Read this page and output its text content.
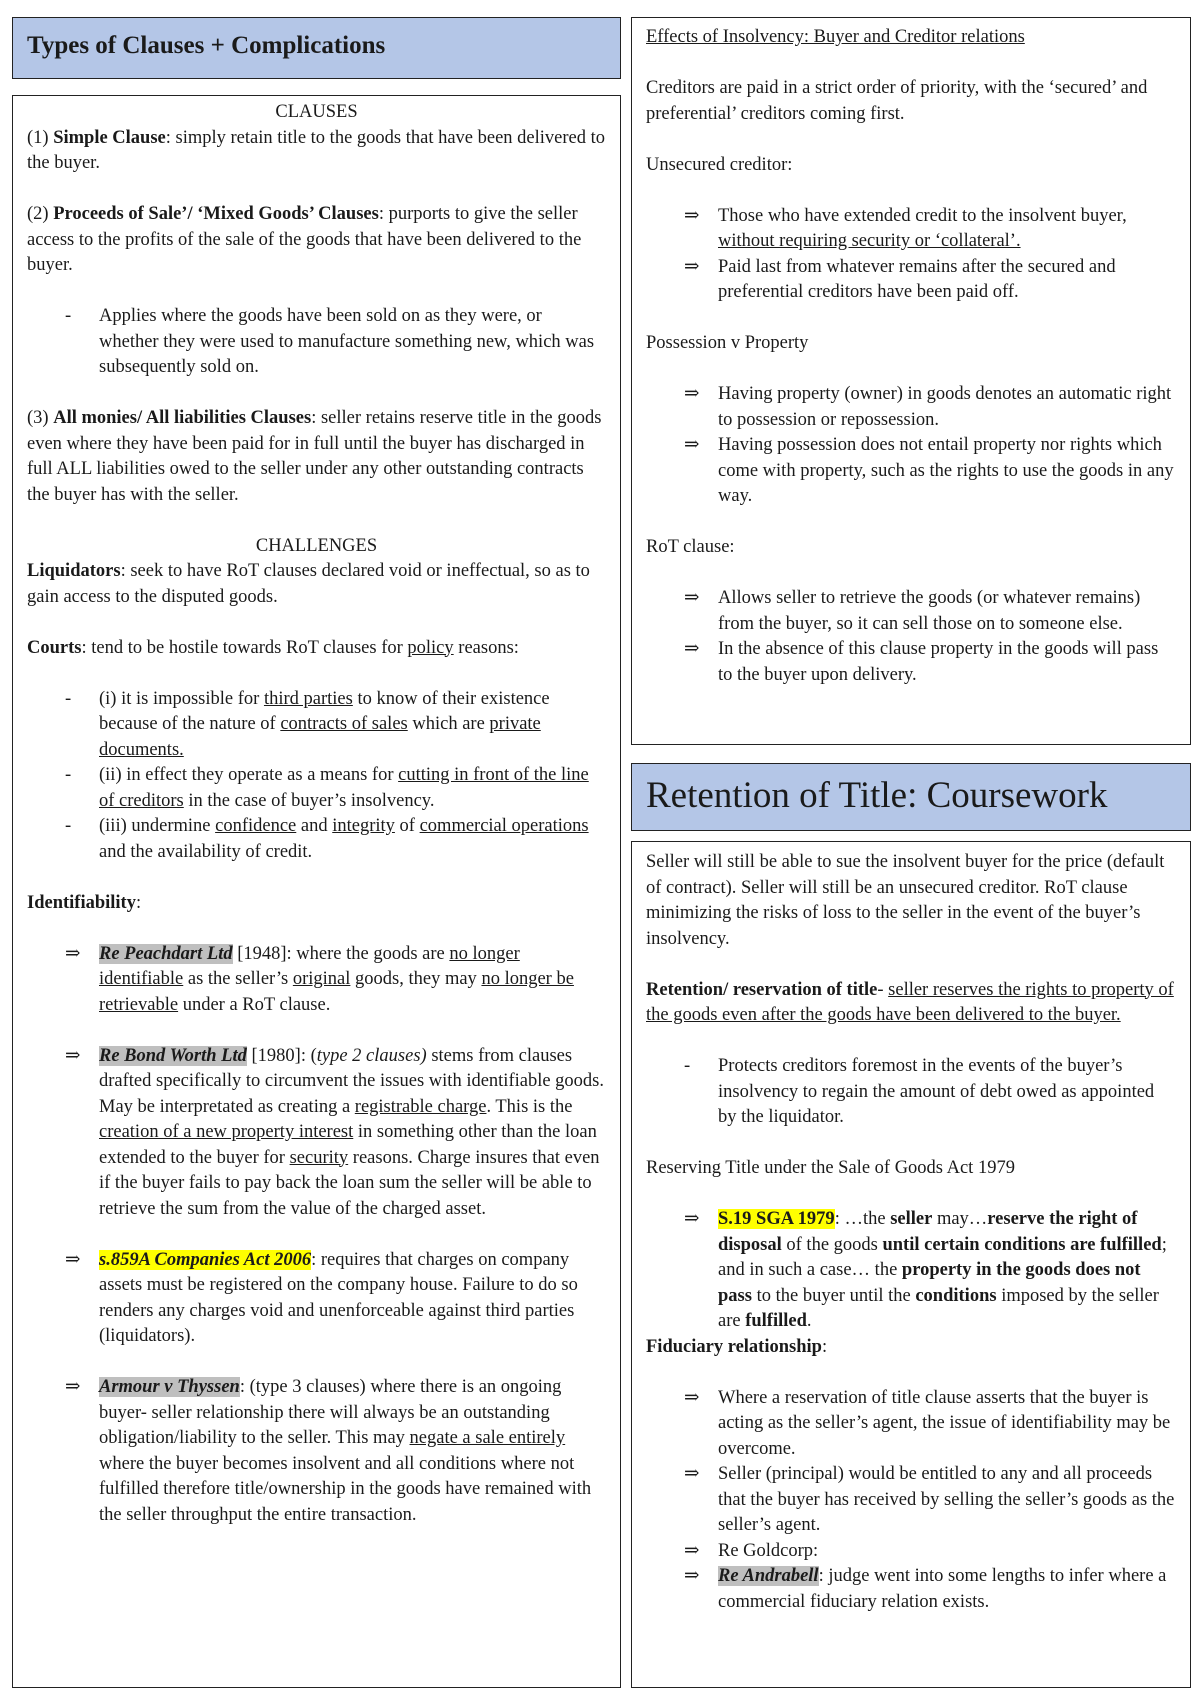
Types of Clauses + Complications

CLAUSES

(1) Simple Clause: simply retain title to the goods that have been delivered to the buyer.

(2) Proceeds of Sale’/ ‘Mixed Goods’ Clauses: purports to give the seller access to the profits of the sale of the goods that have been delivered to the buyer.

- Applies where the goods have been sold on as they were, or whether they were used to manufacture something new, which was subsequently sold on.

(3) All monies/ All liabilities Clauses: seller retains reserve title in the goods even where they have been paid for in full until the buyer has discharged in full ALL liabilities owed to the seller under any other outstanding contracts the buyer has with the seller.

CHALLENGES

Liquidators: seek to have RoT clauses declared void or ineffectual, so as to gain access to the disputed goods.

Courts: tend to be hostile towards RoT clauses for policy reasons:

- (i) it is impossible for third parties to know of their existence because of the nature of contracts of sales which are private documents.
- (ii) in effect they operate as a means for cutting in front of the line of creditors in the case of buyer’s insolvency.
- (iii) undermine confidence and integrity of commercial operations and the availability of credit.

Identifiability:

⇒ Re Peachdart Ltd [1948]: where the goods are no longer identifiable as the seller’s original goods, they may no longer be retrievable under a RoT clause.
⇒ Re Bond Worth Ltd [1980]: (type 2 clauses) stems from clauses drafted specifically to circumvent the issues with identifiable goods. May be interpretated as creating a registrable charge. This is the creation of a new property interest in something other than the loan extended to the buyer for security reasons. Charge insures that even if the buyer fails to pay back the loan sum the seller will be able to retrieve the sum from the value of the charged asset.
⇒ s.859A Companies Act 2006: requires that charges on company assets must be registered on the company house. Failure to do so renders any charges void and unenforceable against third parties (liquidators).
⇒ Armour v Thyssen: (type 3 clauses) where there is an ongoing buyer- seller relationship there will always be an outstanding obligation/liability to the seller. This may negate a sale entirely where the buyer becomes insolvent and all conditions where not fulfilled therefore title/ownership in the goods have remained with the seller throughput the entire transaction.

Effects of Insolvency: Buyer and Creditor relations

Creditors are paid in a strict order of priority, with the ‘secured’ and preferential’ creditors coming first.

Unsecured creditor:

⇒ Those who have extended credit to the insolvent buyer, without requiring security or ‘collateral’.
⇒ Paid last from whatever remains after the secured and preferential creditors have been paid off.

Possession v Property

⇒ Having property (owner) in goods denotes an automatic right to possession or repossession.
⇒ Having possession does not entail property nor rights which come with property, such as the rights to use the goods in any way.

RoT clause:

⇒ Allows seller to retrieve the goods (or whatever remains) from the buyer, so it can sell those on to someone else.
⇒ In the absence of this clause property in the goods will pass to the buyer upon delivery.
Retention of Title: Coursework

Seller will still be able to sue the insolvent buyer for the price (default of contract). Seller will still be an unsecured creditor. RoT clause minimizing the risks of loss to the seller in the event of the buyer’s insolvency.

Retention/ reservation of title- seller reserves the rights to property of the goods even after the goods have been delivered to the buyer.

- Protects creditors foremost in the events of the buyer’s insolvency to regain the amount of debt owed as appointed by the liquidator.

Reserving Title under the Sale of Goods Act 1979

⇒ S.19 SGA 1979: …the seller may…reserve the right of disposal of the goods until certain conditions are fulfilled; and in such a case… the property in the goods does not pass to the buyer until the conditions imposed by the seller are fulfilled.

Fiduciary relationship:

⇒ Where a reservation of title clause asserts that the buyer is acting as the seller’s agent, the issue of identifiability may be overcome.
⇒ Seller (principal) would be entitled to any and all proceeds that the buyer has received by selling the seller’s goods as the seller’s agent.
⇒ Re Goldcorp:
⇒ Re Andrabell: judge went into some lengths to infer where a commercial fiduciary relation exists.
